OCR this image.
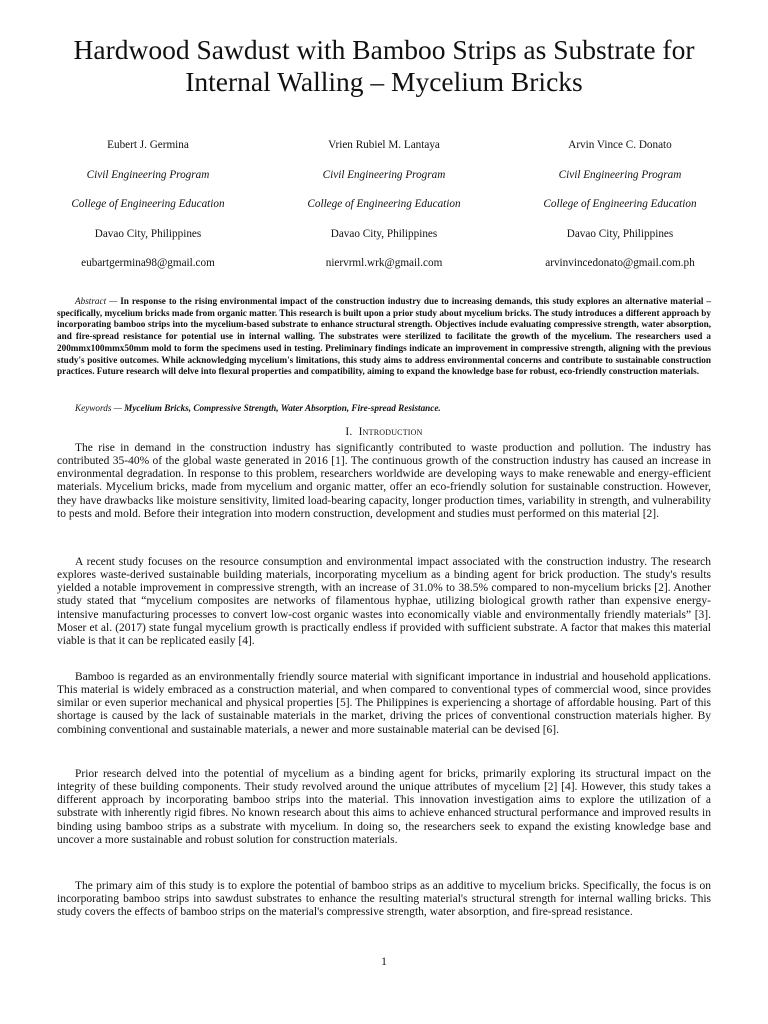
Hardwood Sawdust with Bamboo Strips as Substrate for Internal Walling – Mycelium Bricks
Eubert J. Germina
Civil Engineering Program
College of Engineering Education
Davao City, Philippines
eubartgermina98@gmail.com
Vrien Rubiel M. Lantaya
Civil Engineering Program
College of Engineering Education
Davao City, Philippines
niervrml.wrk@gmail.com
Arvin Vince C. Donato
Civil Engineering Program
College of Engineering Education
Davao City, Philippines
arvinvincedonato@gmail.com.ph

Abstract — In response to the rising environmental impact of the construction industry due to increasing demands, this study explores an alternative material – specifically, mycelium bricks made from organic matter. This research is built upon a prior study about mycelium bricks. The study introduces a different approach by incorporating bamboo strips into the mycelium-based substrate to enhance structural strength. Objectives include evaluating compressive strength, water absorption, and fire-spread resistance for potential use in internal walling. The substrates were sterilized to facilitate the growth of the mycelium. The researchers used a 200mmx100mmx50mm mold to form the specimens used in testing. Preliminary findings indicate an improvement in compressive strength, aligning with the previous study's positive outcomes. While acknowledging mycelium's limitations, this study aims to address environmental concerns and contribute to sustainable construction practices. Future research will delve into flexural properties and compatibility, aiming to expand the knowledge base for robust, eco-friendly construction materials.

Keywords — Mycelium Bricks, Compressive Strength, Water Absorption, Fire-spread Resistance.

I. Introduction

The rise in demand in the construction industry has significantly contributed to waste production and pollution. The industry has contributed 35-40% of the global waste generated in 2016 [1]. The continuous growth of the construction industry has caused an increase in environmental degradation. In response to this problem, researchers worldwide are developing ways to make renewable and energy-efficient materials. Mycelium bricks, made from mycelium and organic matter, offer an eco-friendly solution for sustainable construction. However, they have drawbacks like moisture sensitivity, limited load-bearing capacity, longer production times, variability in strength, and vulnerability to pests and mold. Before their integration into modern construction, development and studies must performed on this material [2].

A recent study focuses on the resource consumption and environmental impact associated with the construction industry. The research explores waste-derived sustainable building materials, incorporating mycelium as a binding agent for brick production. The study's results yielded a notable improvement in compressive strength, with an increase of 31.0% to 38.5% compared to non-mycelium bricks [2]. Another study stated that “mycelium composites are networks of filamentous hyphae, utilizing biological growth rather than expensive energy-intensive manufacturing processes to convert low-cost organic wastes into economically viable and environmentally friendly materials” [3]. Moser et al. (2017) state fungal mycelium growth is practically endless if provided with sufficient substrate. A factor that makes this material viable is that it can be replicated easily [4].

Bamboo is regarded as an environmentally friendly source material with significant importance in industrial and household applications. This material is widely embraced as a construction material, and when compared to conventional types of commercial wood, since provides similar or even superior mechanical and physical properties [5]. The Philippines is experiencing a shortage of affordable housing. Part of this shortage is caused by the lack of sustainable materials in the market, driving the prices of conventional construction materials higher. By combining conventional and sustainable materials, a newer and more sustainable material can be devised [6].

Prior research delved into the potential of mycelium as a binding agent for bricks, primarily exploring its structural impact on the integrity of these building components. Their study revolved around the unique attributes of mycelium [2] [4]. However, this study takes a different approach by incorporating bamboo strips into the material. This innovation investigation aims to explore the utilization of a substrate with inherently rigid fibres. No known research about this aims to achieve enhanced structural performance and improved results in binding using bamboo strips as a substrate with mycelium. In doing so, the researchers seek to expand the existing knowledge base and uncover a more sustainable and robust solution for construction materials.

The primary aim of this study is to explore the potential of bamboo strips as an additive to mycelium bricks. Specifically, the focus is on incorporating bamboo strips into sawdust substrates to enhance the resulting material's structural strength for internal walling bricks. This study covers the effects of bamboo strips on the material's compressive strength, water absorption, and fire-spread resistance.

1
